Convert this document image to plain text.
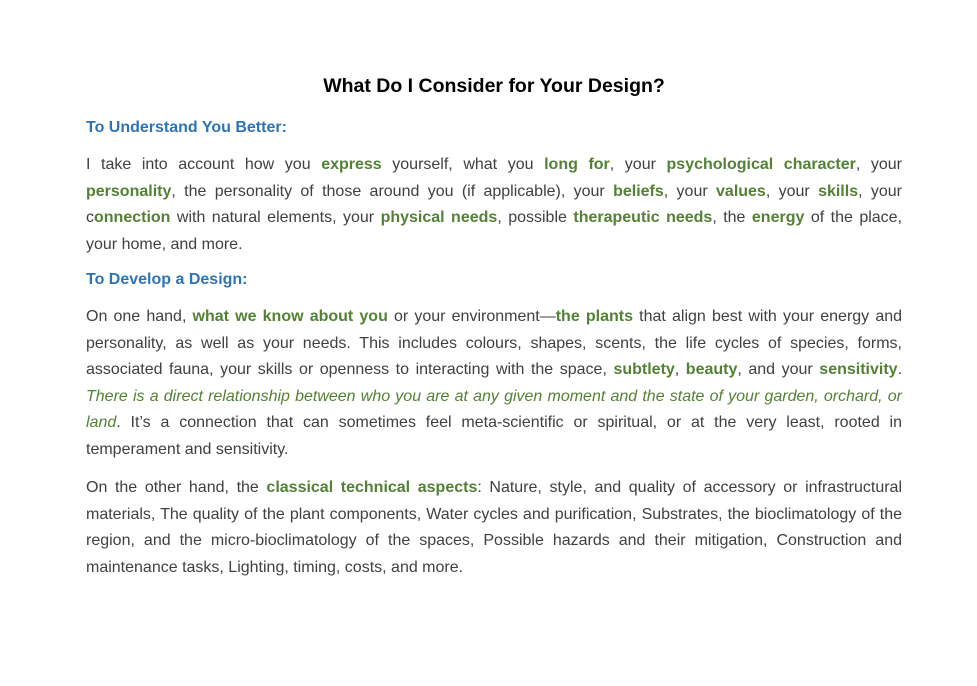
What Do I Consider for Your Design?
To Understand You Better:

I take into account how you express yourself, what you long for, your psychological character, your personality, the personality of those around you (if applicable), your beliefs, your values, your skills, your connection with natural elements, your physical needs, possible therapeutic needs, the energy of the place, your home, and more.

To Develop a Design:

On one hand, what we know about you or your environment—the plants that align best with your energy and personality, as well as your needs. This includes colours, shapes, scents, the life cycles of species, forms, associated fauna, your skills or openness to interacting with the space, subtlety, beauty, and your sensitivity. There is a direct relationship between who you are at any given moment and the state of your garden, orchard, or land. It’s a connection that can sometimes feel meta-scientific or spiritual, or at the very least, rooted in temperament and sensitivity.

On the other hand, the classical technical aspects: Nature, style, and quality of accessory or infrastructural materials, The quality of the plant components, Water cycles and purification, Substrates, the bioclimatology of the region, and the micro-bioclimatology of the spaces, Possible hazards and their mitigation, Construction and maintenance tasks, Lighting, timing, costs, and more.
